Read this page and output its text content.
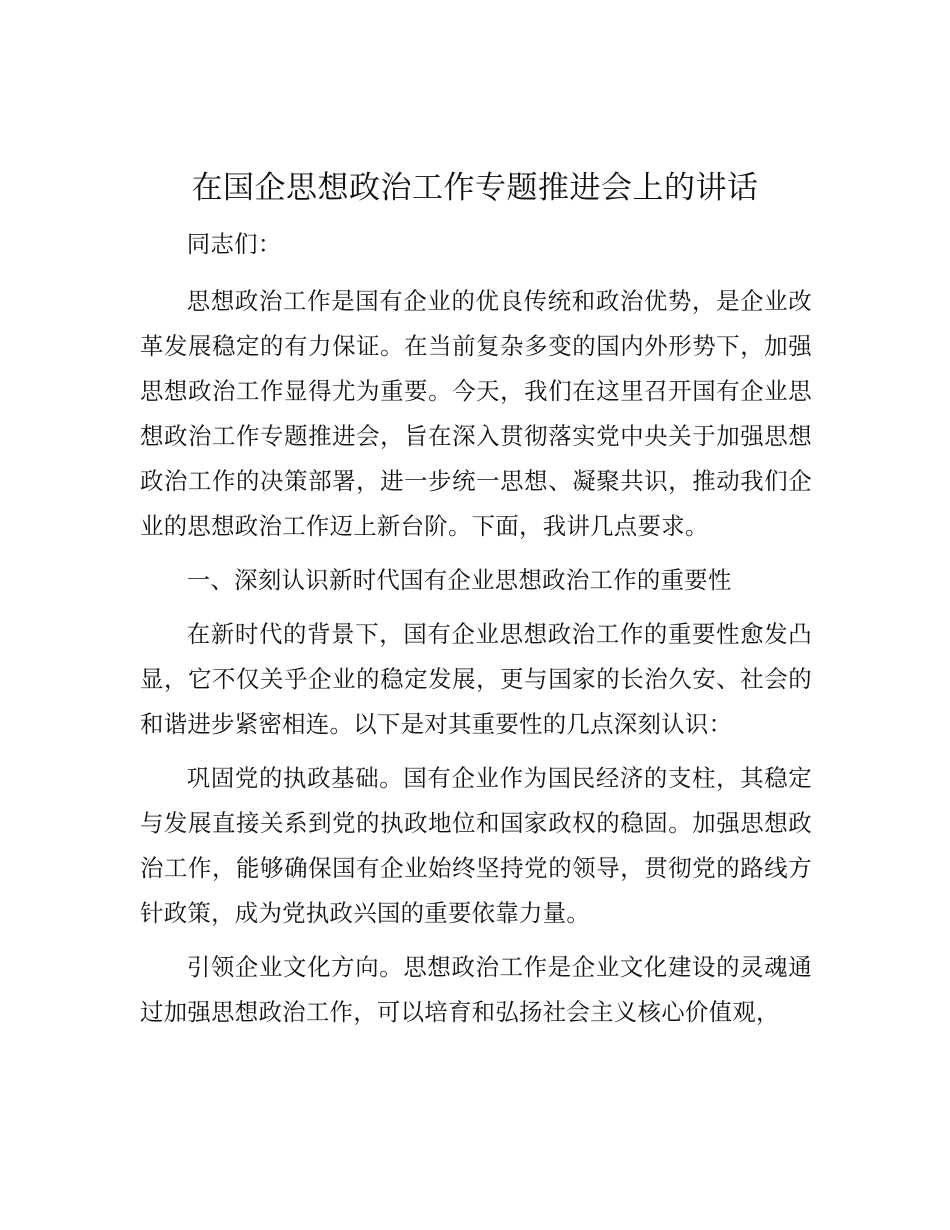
在国企思想政治工作专题推进会上的讲话

同志们：

思想政治工作是国有企业的优良传统和政治优势，是企业改革发展稳定的有力保证。在当前复杂多变的国内外形势下，加强思想政治工作显得尤为重要。今天，我们在这里召开国有企业思想政治工作专题推进会，旨在深入贯彻落实党中央关于加强思想政治工作的决策部署，进一步统一思想、凝聚共识，推动我们企业的思想政治工作迈上新台阶。下面，我讲几点要求。

一、深刻认识新时代国有企业思想政治工作的重要性

在新时代的背景下，国有企业思想政治工作的重要性愈发凸显，它不仅关乎企业的稳定发展，更与国家的长治久安、社会的和谐进步紧密相连。以下是对其重要性的几点深刻认识：

巩固党的执政基础。国有企业作为国民经济的支柱，其稳定与发展直接关系到党的执政地位和国家政权的稳固。加强思想政治工作，能够确保国有企业始终坚持党的领导，贯彻党的路线方针政策，成为党执政兴国的重要依靠力量。

引领企业文化方向。思想政治工作是企业文化建设的灵魂通过加强思想政治工作，可以培育和弘扬社会主义核心价值观，
